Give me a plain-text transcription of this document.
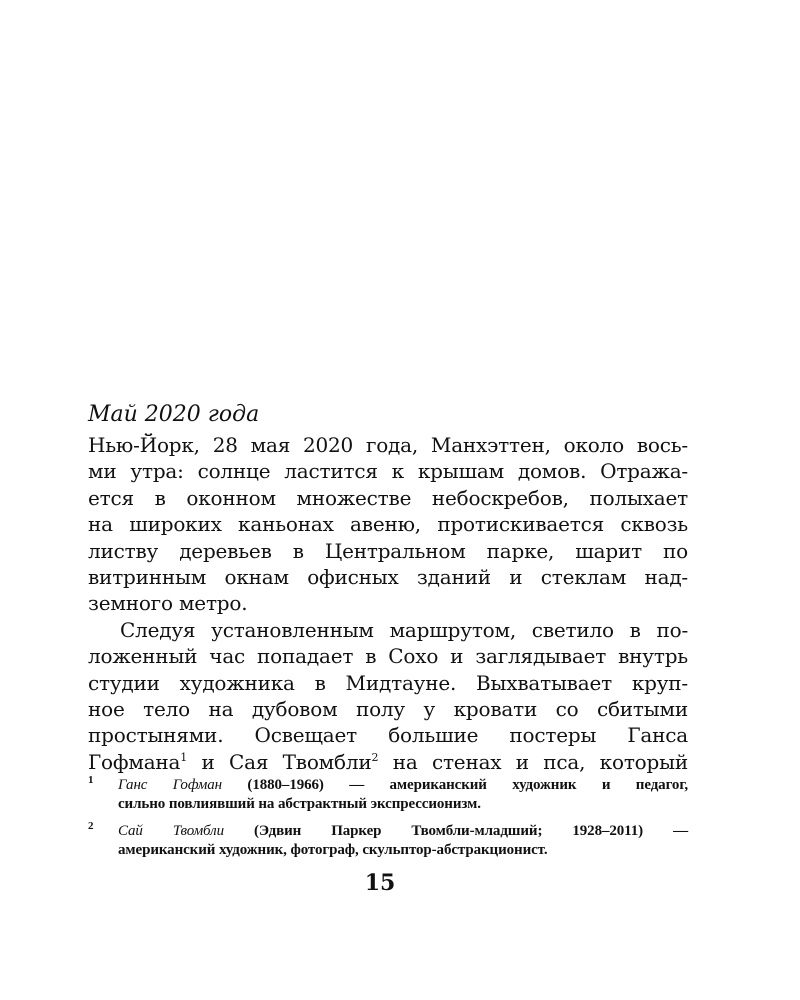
Май 2020 года
Нью-Йорк, 28 мая 2020 года, Манхэттен, около вось-
ми утра: солнце ластится к крышам домов. Отража-
ется в оконном множестве небоскребов, полыхает
на широких каньонах авеню, протискивается сквозь
листву деревьев в Центральном парке, шарит по
витринным окнам офисных зданий и стеклам над-
земного метро.
Следуя установленным маршрутом, светило в по-
ложенный час попадает в Сохо и заглядывает внутрь
студии художника в Мидтауне. Выхватывает круп-
ное тело на дубовом полу у кровати со сбитыми
простынями. Освещает большие постеры Ганса
Гофмана$^1$ и Сая Твомбли$^2$ на стенах и пса, который
1 Ганс Гофман (1880–1966) — американский художник и педагог,
сильно повлиявший на абстрактный экспрессионизм.
2 Сай Твомбли (Эдвин Паркер Твомбли-младший; 1928–2011) —
американский художник, фотограф, скульптор-абстракционист.
15
